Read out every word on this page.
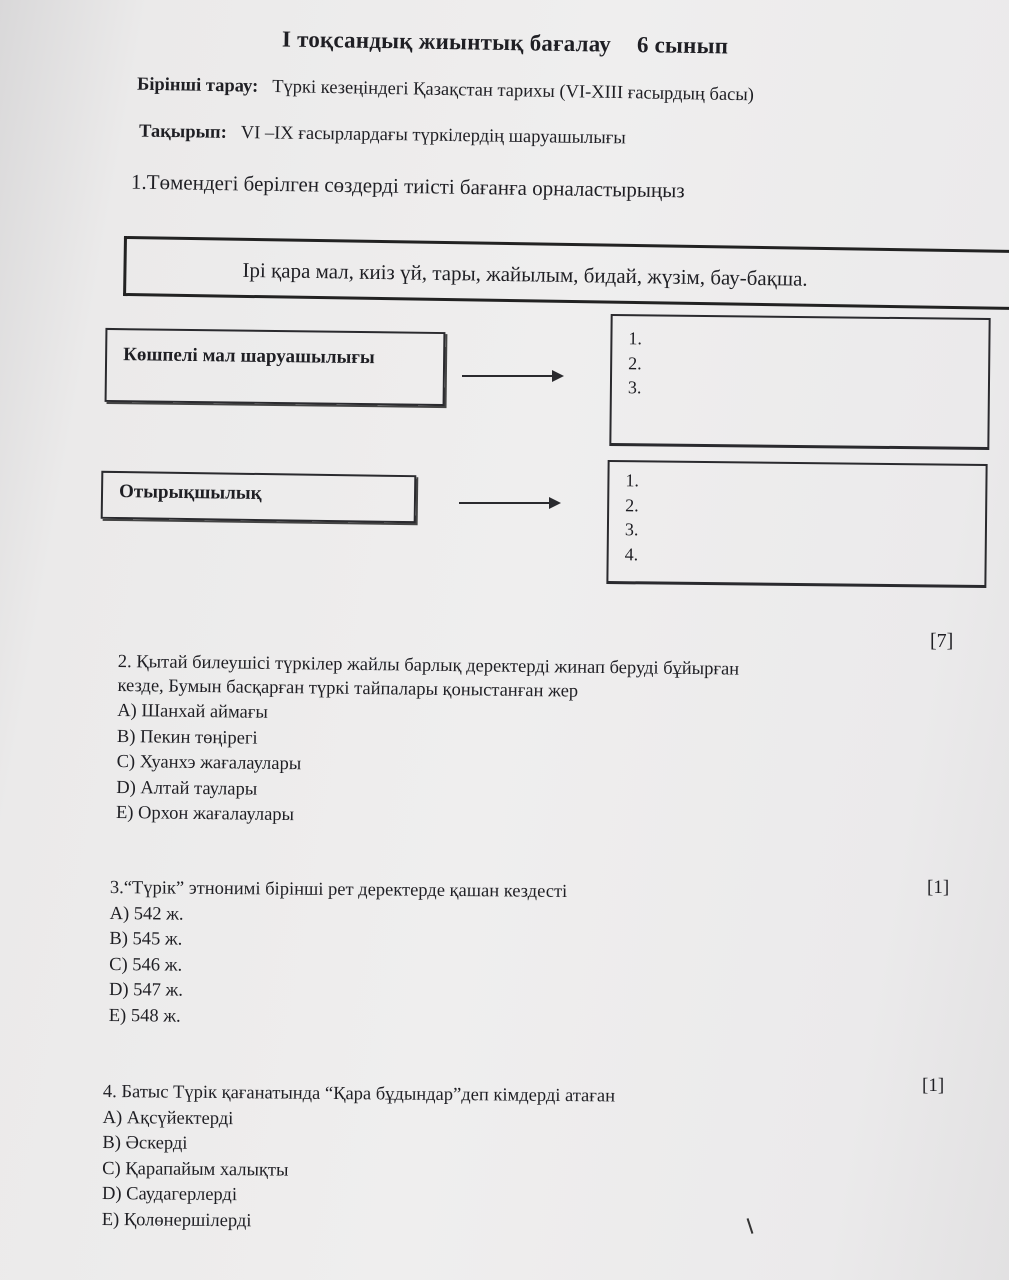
I тоқсандық жиынтық бағалау 6 сынып
Бірінші тарау: Түркі кезеңіндегі Қазақстан тарихы (VI-XIII ғасырдың басы)
Тақырып: VI –IX ғасырлардағы түркілердің шаруашылығы
1.Төмендегі берілген сөздерді тиісті бағанға орналастырыңыз
Ірі қара мал, киіз үй, тары, жайылым, бидай, жүзім, бау-бақша.
Көшпелі мал шаруашылығы
1.
2.
3.
Отырықшылық
1.
2.
3.
4.
[7]
2. Қытай билеушісі түркілер жайлы барлық деректерді жинап беруді бұйырған
кезде, Бумын басқарған түркі тайпалары қоныстанған жер
A) Шанхай аймағы
B) Пекин төңірегі
C) Хуанхэ жағалаулары
D) Алтай таулары
E) Орхон жағалаулары
[1]
3.“Түрік” этнонимі бірінші рет деректерде қашан кездесті
A) 542 ж.
B) 545 ж.
C) 546 ж.
D) 547 ж.
E) 548 ж.
[1]
4. Батыс Түрік қағанатында “Қара бұдындар”деп кімдерді атаған
A) Ақсүйектерді
B) Әскерді
C) Қарапайым халықты
D) Саудагерлерді
E) Қолөнершілерді
